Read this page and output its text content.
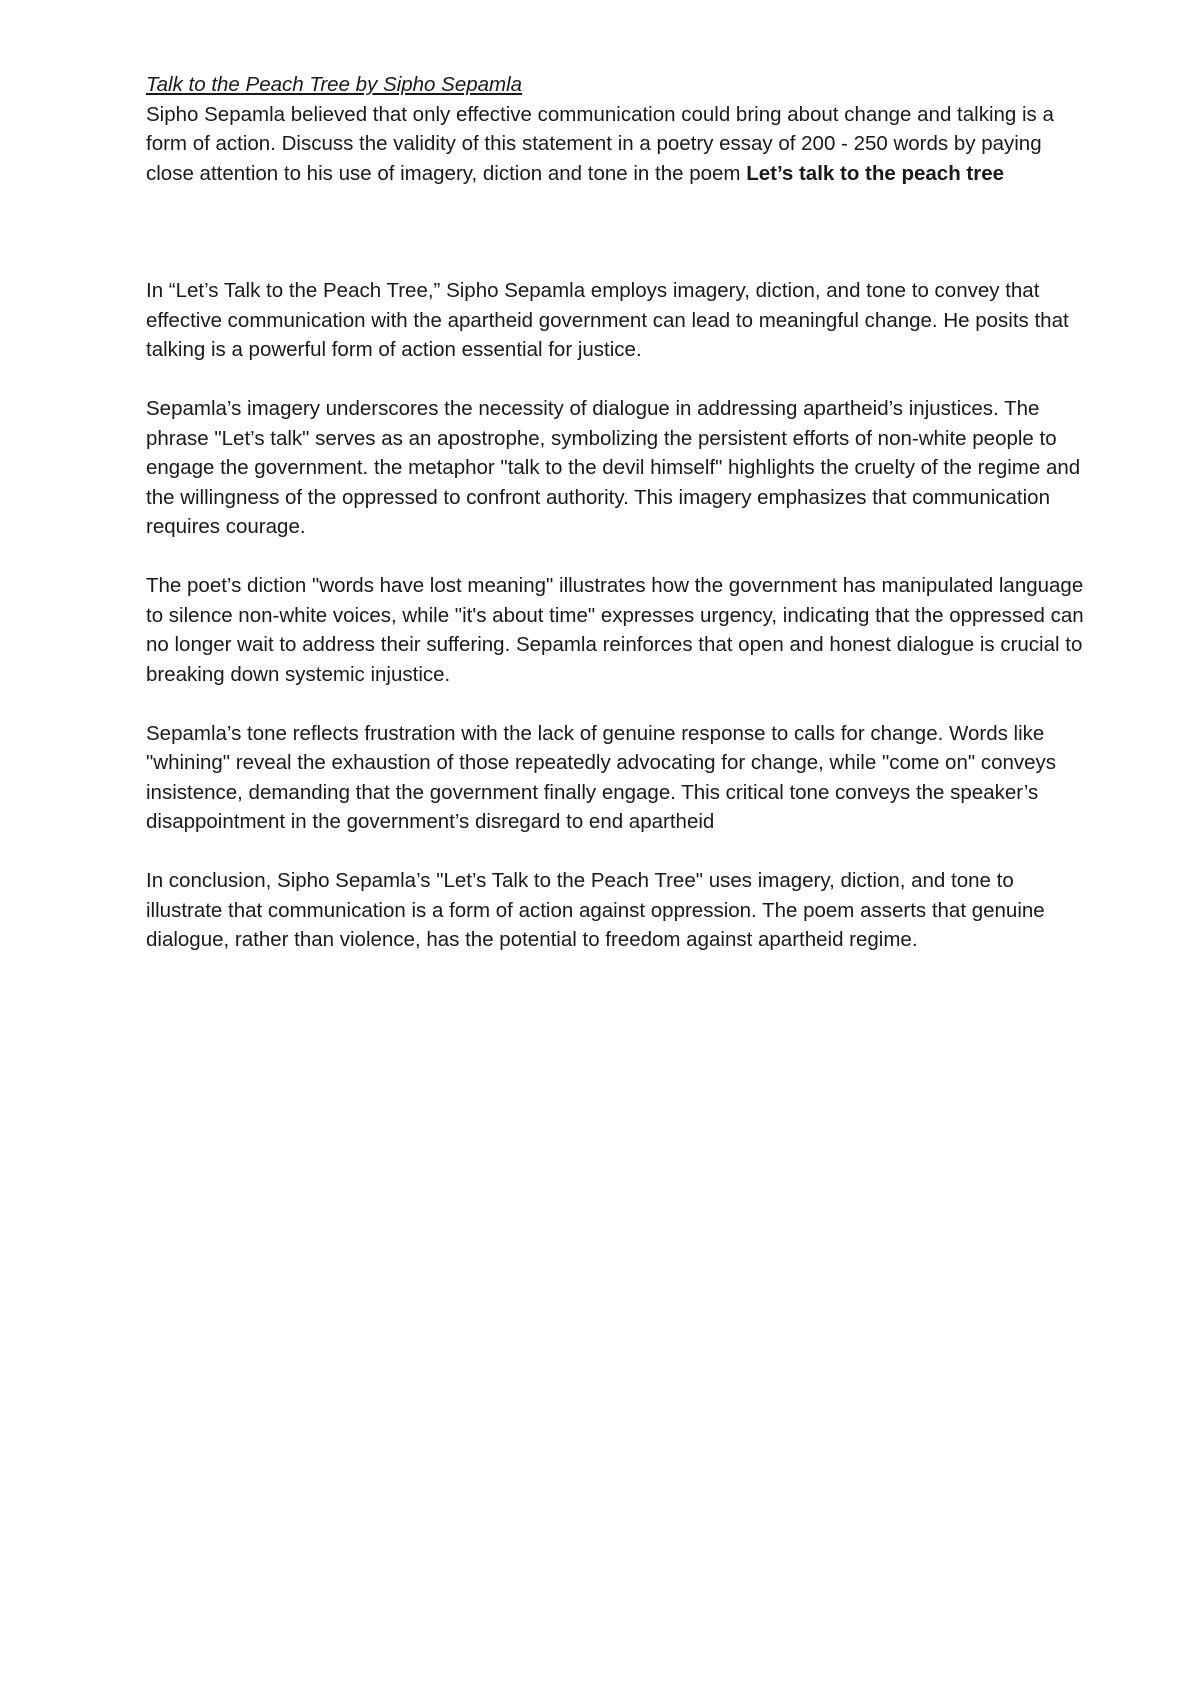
Talk to the Peach Tree by Sipho Sepamla

Sipho Sepamla believed that only effective communication could bring about change and talking is a form of action. Discuss the validity of this statement in a poetry essay of 200 - 250 words by paying close attention to his use of imagery, diction and tone in the poem Let’s talk to the peach tree

In “Let’s Talk to the Peach Tree,” Sipho Sepamla employs imagery, diction, and tone to convey that effective communication with the apartheid government can lead to meaningful change. He posits that talking is a powerful form of action essential for justice.

Sepamla’s imagery underscores the necessity of dialogue in addressing apartheid’s injustices. The phrase "Let’s talk" serves as an apostrophe, symbolizing the persistent efforts of non-white people to engage the government. the metaphor "talk to the devil himself" highlights the cruelty of the regime and the willingness of the oppressed to confront authority. This imagery emphasizes that communication requires courage.

The poet’s diction "words have lost meaning" illustrates how the government has manipulated language to silence non-white voices, while "it's about time" expresses urgency, indicating that the oppressed can no longer wait to address their suffering. Sepamla reinforces that open and honest dialogue is crucial to breaking down systemic injustice.

Sepamla’s tone reflects frustration with the lack of genuine response to calls for change. Words like "whining" reveal the exhaustion of those repeatedly advocating for change, while "come on" conveys insistence, demanding that the government finally engage. This critical tone conveys the speaker’s disappointment in the government’s disregard to end apartheid

In conclusion, Sipho Sepamla’s "Let’s Talk to the Peach Tree" uses imagery, diction, and tone to illustrate that communication is a form of action against oppression. The poem asserts that genuine dialogue, rather than violence, has the potential to freedom against apartheid regime.
